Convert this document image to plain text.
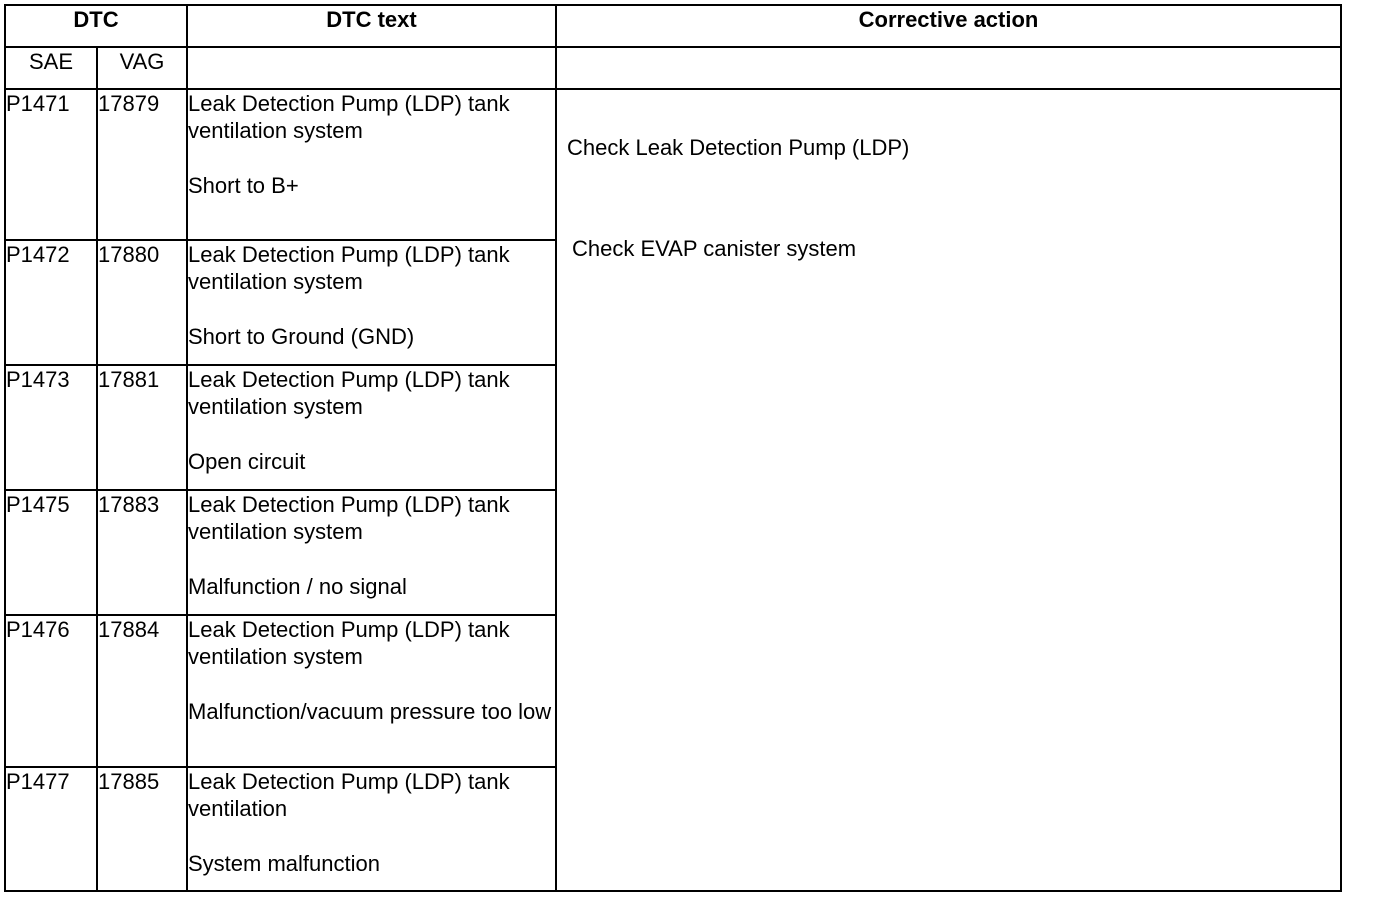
DTC		DTC text	Corrective action
SAE	VAG		
P1471	17879	Leak Detection Pump (LDP) tank ventilation system
Short to B+	Check Leak Detection Pump (LDP)
Check EVAP canister system

P1472	17880	Leak Detection Pump (LDP) tank ventilation system
Short to Ground (GND)	

P1473	17881	Leak Detection Pump (LDP) tank ventilation system
Open circuit	

P1475	17883	Leak Detection Pump (LDP) tank ventilation system
Malfunction / no signal	

P1476	17884	Leak Detection Pump (LDP) tank ventilation system
Malfunction/vacuum pressure too low	

P1477	17885	Leak Detection Pump (LDP) tank ventilation
System malfunction	
